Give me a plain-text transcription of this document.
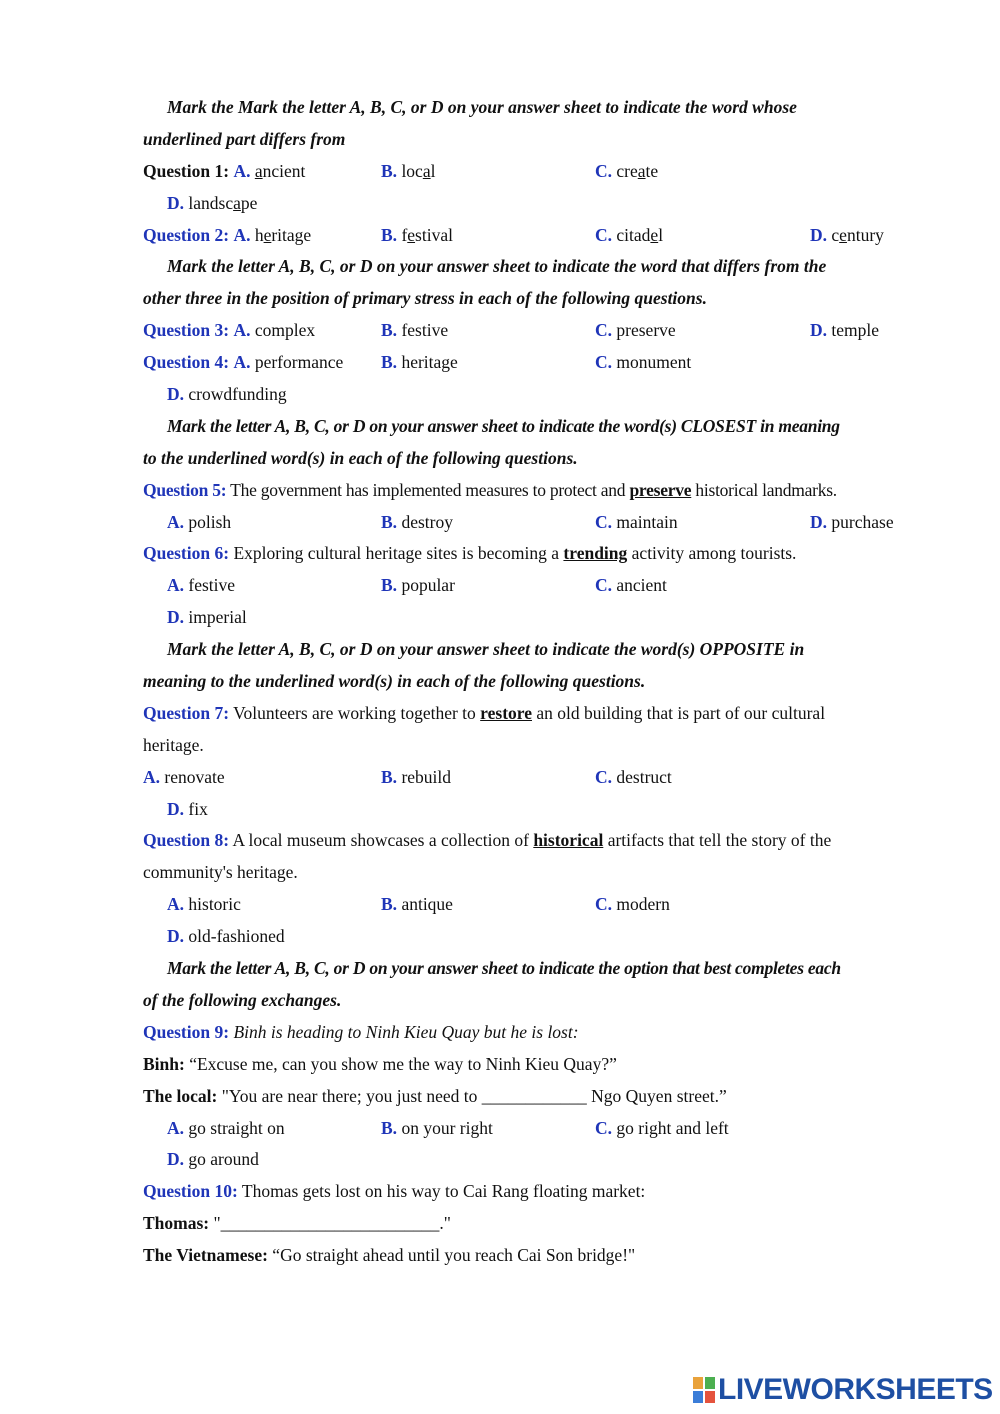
Mark the Mark the letter A, B, C, or D on your answer sheet to indicate the word whose
underlined part differs from
Question 1: A. ancient	B. local	C. create
D. landscape
Question 2: A. heritage	B. festival	C. citadel	D. century
Mark the letter A, B, C, or D on your answer sheet to indicate the word that differs from the
other three in the position of primary stress in each of the following questions.
Question 3: A. complex	B. festive	C. preserve	D. temple
Question 4: A. performance B. heritage	C. monument
D. crowdfunding
Mark the letter A, B, C, or D on your answer sheet to indicate the word(s) CLOSEST in meaning
to the underlined word(s) in each of the following questions.
Question 5: The government has implemented measures to protect and preserve historical landmarks.
A. polish	B. destroy	C. maintain	D. purchase
Question 6: Exploring cultural heritage sites is becoming a trending activity among tourists.
A. festive	B. popular	C. ancient
D. imperial
Mark the letter A, B, C, or D on your answer sheet to indicate the word(s) OPPOSITE in
meaning to the underlined word(s) in each of the following questions.
Question 7: Volunteers are working together to restore an old building that is part of our cultural
heritage.
A. renovate	B. rebuild	C. destruct
D. fix
Question 8: A local museum showcases a collection of historical artifacts that tell the story of the
community's heritage.
A. historic	B. antique	C. modern
D. old-fashioned
Mark the letter A, B, C, or D on your answer sheet to indicate the option that best completes each
of the following exchanges.
Question 9: Binh is heading to Ninh Kieu Quay but he is lost:
Binh: “Excuse me, can you show me the way to Ninh Kieu Quay?”
The local: "You are near there; you just need to ____________ Ngo Quyen street.”
A. go straight on	B. on your right	C. go right and left
D. go around
Question 10: Thomas gets lost on his way to Cai Rang floating market:
Thomas: "_________________________."
The Vietnamese: “Go straight ahead until you reach Cai Son bridge!"
LIVEWORKSHEETS
